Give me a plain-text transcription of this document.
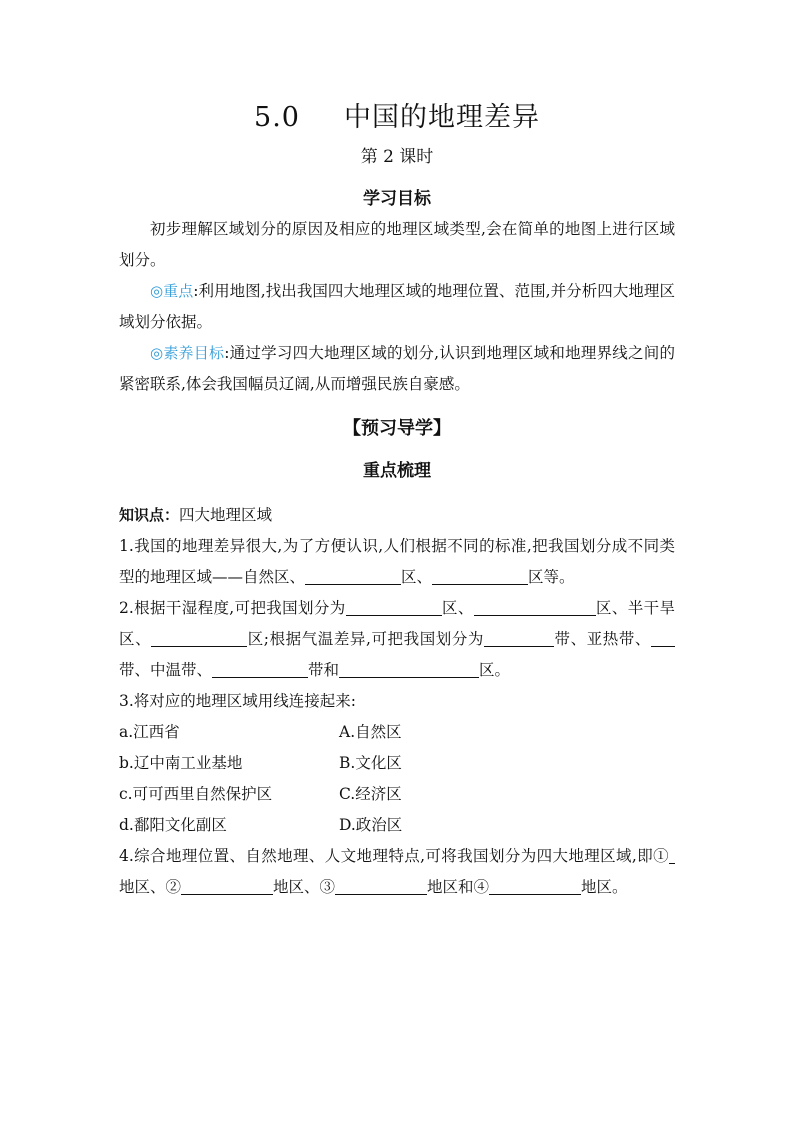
5.0 中国的地理差异
第 2 课时
学习目标
初步理解区域划分的原因及相应的地理区域类型,会在简单的地图上进行区域划分。
◎重点:利用地图,找出我国四大地理区域的地理位置、范围,并分析四大地理区域划分依据。
◎素养目标:通过学习四大地理区域的划分,认识到地理区域和地理界线之间的紧密联系,体会我国幅员辽阔,从而增强民族自豪感。
【预习导学】
重点梳理
知识点：四大地理区域
1.我国的地理差异很大,为了方便认识,人们根据不同的标准,把我国划分成不同类型的地理区域——自然区、	区、	区等。
2.根据干湿程度,可把我国划分为	区、	区、半干旱区、	区;根据气温差异,可把我国划分为	带、亚热带、带、中温带、	带和	区。
3.将对应的地理区域用线连接起来:
a.江西省	A.自然区
b.辽中南工业基地	B.文化区
c.可可西里自然保护区	C.经济区
d.鄱阳文化副区	D.政治区
4.综合地理位置、自然地理、人文地理特点,可将我国划分为四大地理区域,即①地区、②	地区、③	地区和④	地区。
